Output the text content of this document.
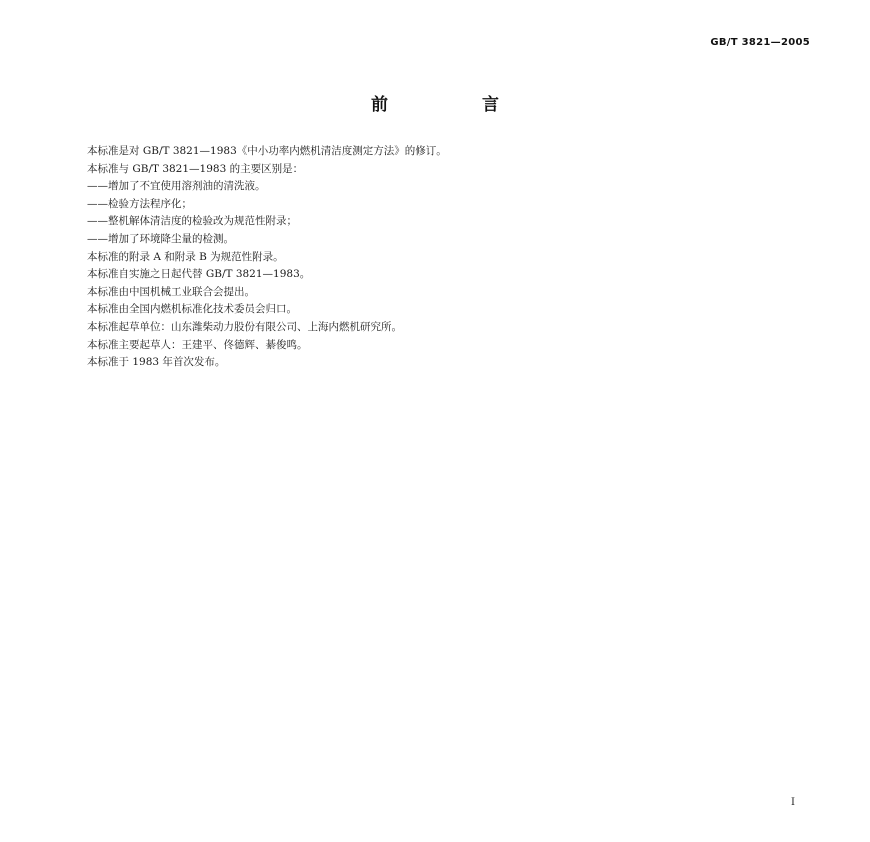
GB/T 3821—2005
前 言
本标准是对 GB/T 3821—1983《中小功率内燃机清洁度测定方法》的修订。
本标准与 GB/T 3821—1983 的主要区别是：
——增加了不宜使用溶剂油的清洗液。
——检验方法程序化；
——整机解体清洁度的检验改为规范性附录；
——增加了环境降尘量的检测。
本标准的附录 A 和附录 B 为规范性附录。
本标准自实施之日起代替 GB/T 3821—1983。
本标准由中国机械工业联合会提出。
本标准由全国内燃机标准化技术委员会归口。
本标准起草单位：山东潍柴动力股份有限公司、上海内燃机研究所。
本标准主要起草人：王建平、佟德辉、綦俊鸣。
本标准于 1983 年首次发布。
I
